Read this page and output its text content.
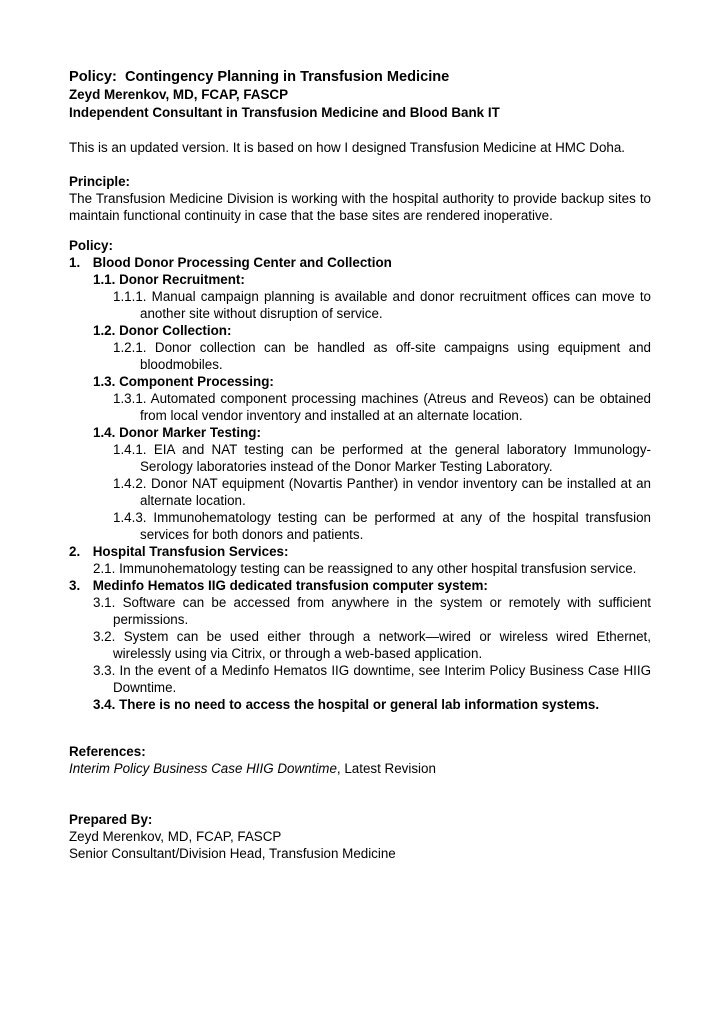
Policy:  Contingency Planning in Transfusion Medicine

Zeyd Merenkov, MD, FCAP, FASCP

Independent Consultant in Transfusion Medicine and Blood Bank IT

This is an updated version. It is based on how I designed Transfusion Medicine at HMC Doha.

Principle:

The Transfusion Medicine Division is working with the hospital authority to provide backup sites to maintain functional continuity in case that the base sites are rendered inoperative.

Policy:

1. Blood Donor Processing Center and Collection
1.1. Donor Recruitment:
1.1.1. Manual campaign planning is available and donor recruitment offices can move to another site without disruption of service.
1.2. Donor Collection:
1.2.1. Donor collection can be handled as off-site campaigns using equipment and bloodmobiles.
1.3. Component Processing:
1.3.1. Automated component processing machines (Atreus and Reveos) can be obtained from local vendor inventory and installed at an alternate location.
1.4. Donor Marker Testing:
1.4.1. EIA and NAT testing can be performed at the general laboratory Immunology-Serology laboratories instead of the Donor Marker Testing Laboratory.
1.4.2. Donor NAT equipment (Novartis Panther) in vendor inventory can be installed at an alternate location.
1.4.3. Immunohematology testing can be performed at any of the hospital transfusion services for both donors and patients.
2. Hospital Transfusion Services:
2.1. Immunohematology testing can be reassigned to any other hospital transfusion service.
3. Medinfo Hematos IIG dedicated transfusion computer system:
3.1. Software can be accessed from anywhere in the system or remotely with sufficient permissions.
3.2. System can be used either through a network—wired or wireless wired Ethernet, wirelessly using via Citrix, or through a web-based application.
3.3. In the event of a Medinfo Hematos IIG downtime, see Interim Policy Business Case HIIG Downtime.
3.4. There is no need to access the hospital or general lab information systems.

References:

Interim Policy Business Case HIIG Downtime, Latest Revision

Prepared By:

Zeyd Merenkov, MD, FCAP, FASCP

Senior Consultant/Division Head, Transfusion Medicine
